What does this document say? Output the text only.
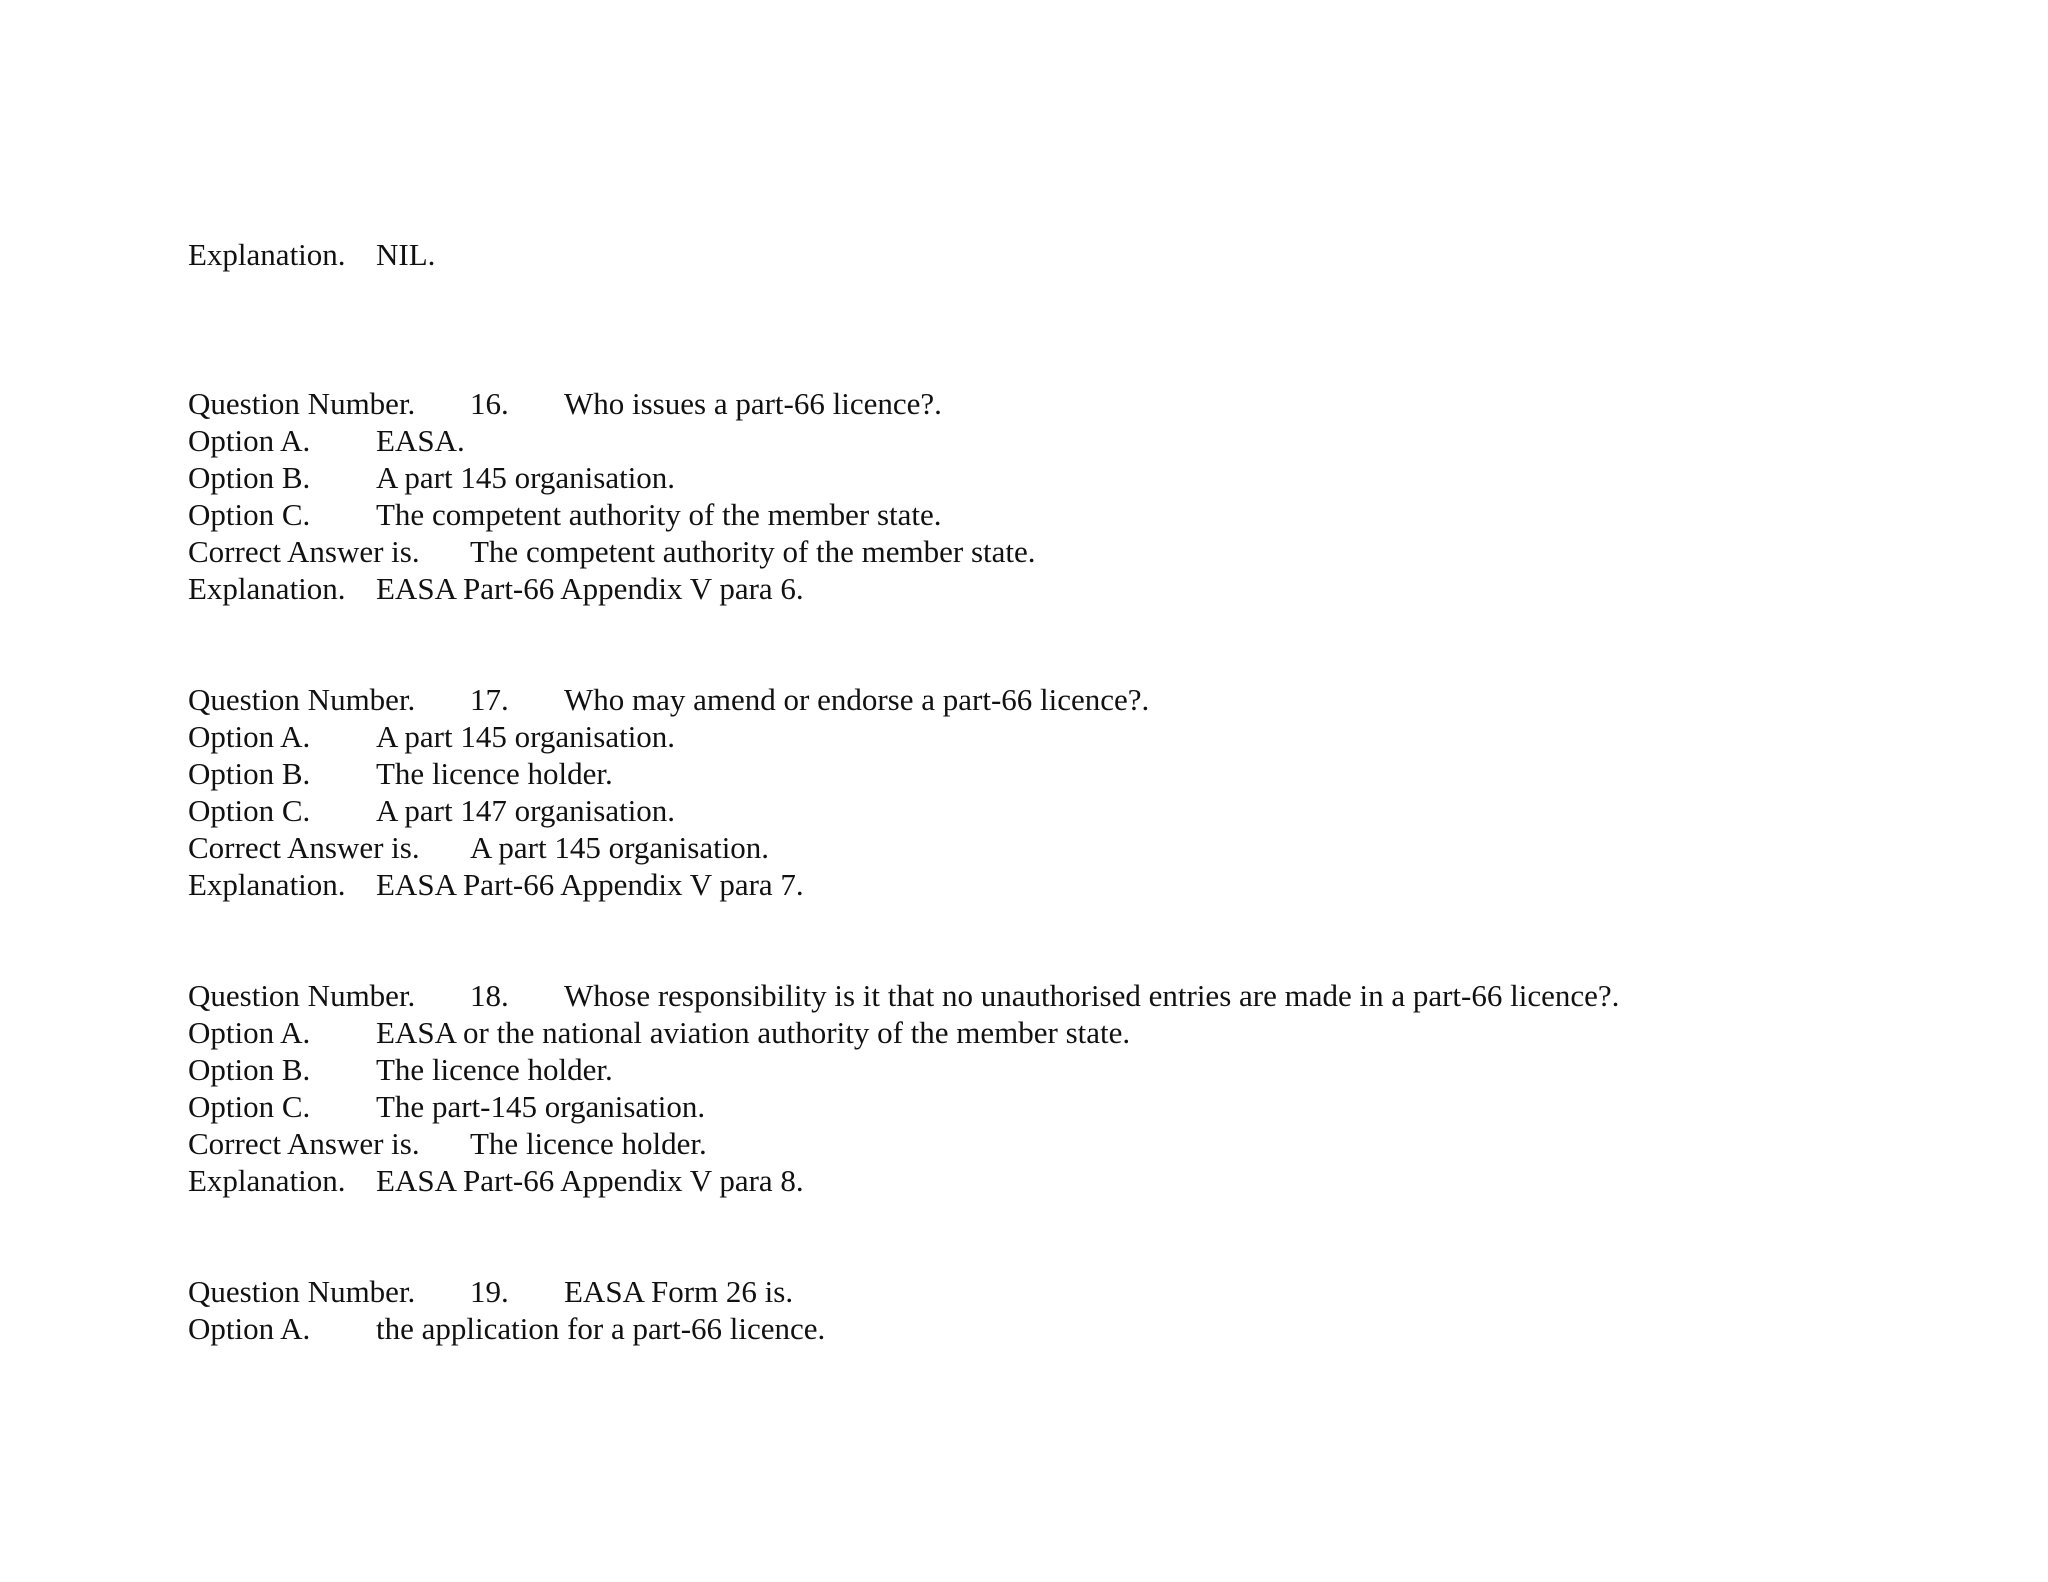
Explanation. NIL.
Question Number. 16. Who issues a part-66 licence?.
Option A. EASA.
Option B. A part 145 organisation.
Option C. The competent authority of the member state.
Correct Answer is. The competent authority of the member state.
Explanation. EASA Part-66 Appendix V para 6.
Question Number. 17. Who may amend or endorse a part-66 licence?.
Option A. A part 145 organisation.
Option B. The licence holder.
Option C. A part 147 organisation.
Correct Answer is. A part 145 organisation.
Explanation. EASA Part-66 Appendix V para 7.
Question Number. 18. Whose responsibility is it that no unauthorised entries are made in a part-66 licence?.
Option A. EASA or the national aviation authority of the member state.
Option B. The licence holder.
Option C. The part-145 organisation.
Correct Answer is. The licence holder.
Explanation. EASA Part-66 Appendix V para 8.
Question Number. 19. EASA Form 26 is.
Option A. the application for a part-66 licence.
